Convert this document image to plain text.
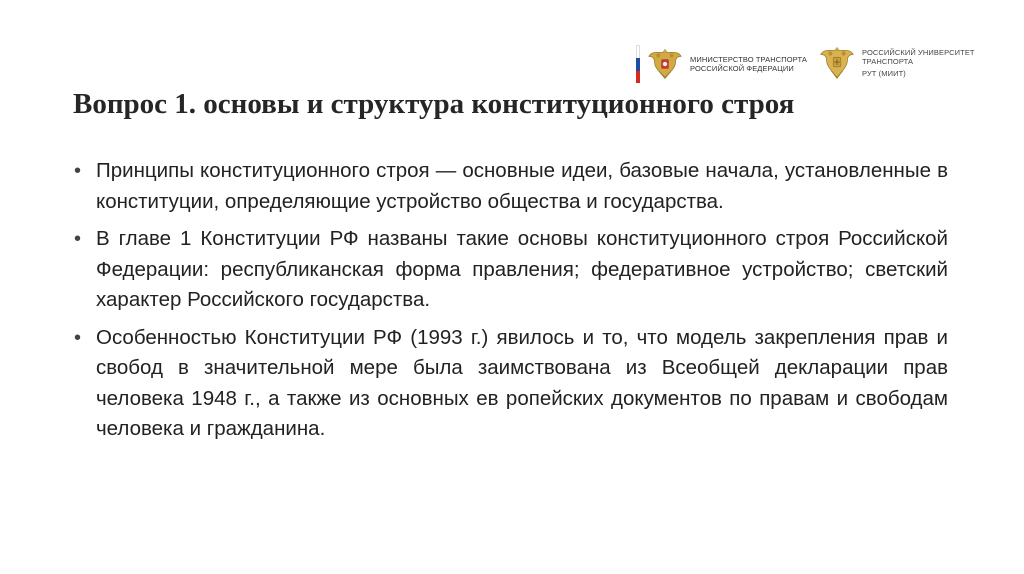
МИНИСТЕРСТВО ТРАНСПОРТА
РОССИЙСКОЙ ФЕДЕРАЦИИ
РОССИЙСКИЙ УНИВЕРСИТЕТ
ТРАНСПОРТА
РУТ (МИИТ)
Вопрос 1. основы и структура конституционного строя
• Принципы конституционного строя — основные идеи, базовые начала, установленные в конституции, определяющие устройство общества и государства.
• В главе 1 Конституции РФ названы такие основы конституционного строя Российской Федерации: республиканская форма правления; федеративное устройство; светский характер Российского государства.
• Особенностью Конституции РФ (1993 г.) явилось и то, что модель закрепления прав и свобод в значительной мере была заимствована из Всеобщей декларации прав человека 1948 г., а также из основных ев ропейских документов по правам и свободам человека и гражданина.
